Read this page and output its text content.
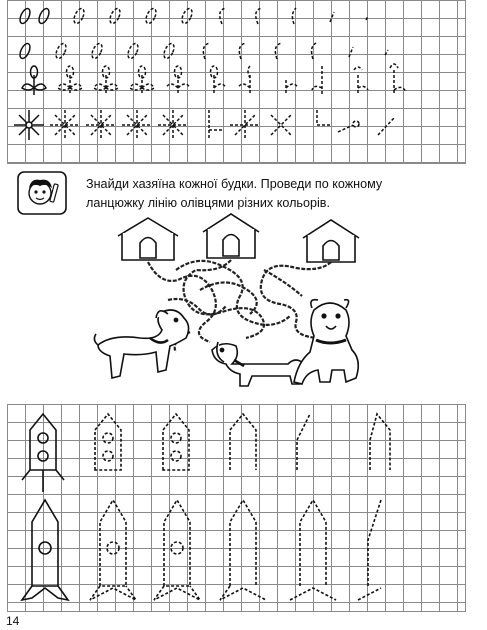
Знайди хазяїна кожної будки. Проведи по кожному

ланцюжку лінію олівцями різних кольорів.

14
